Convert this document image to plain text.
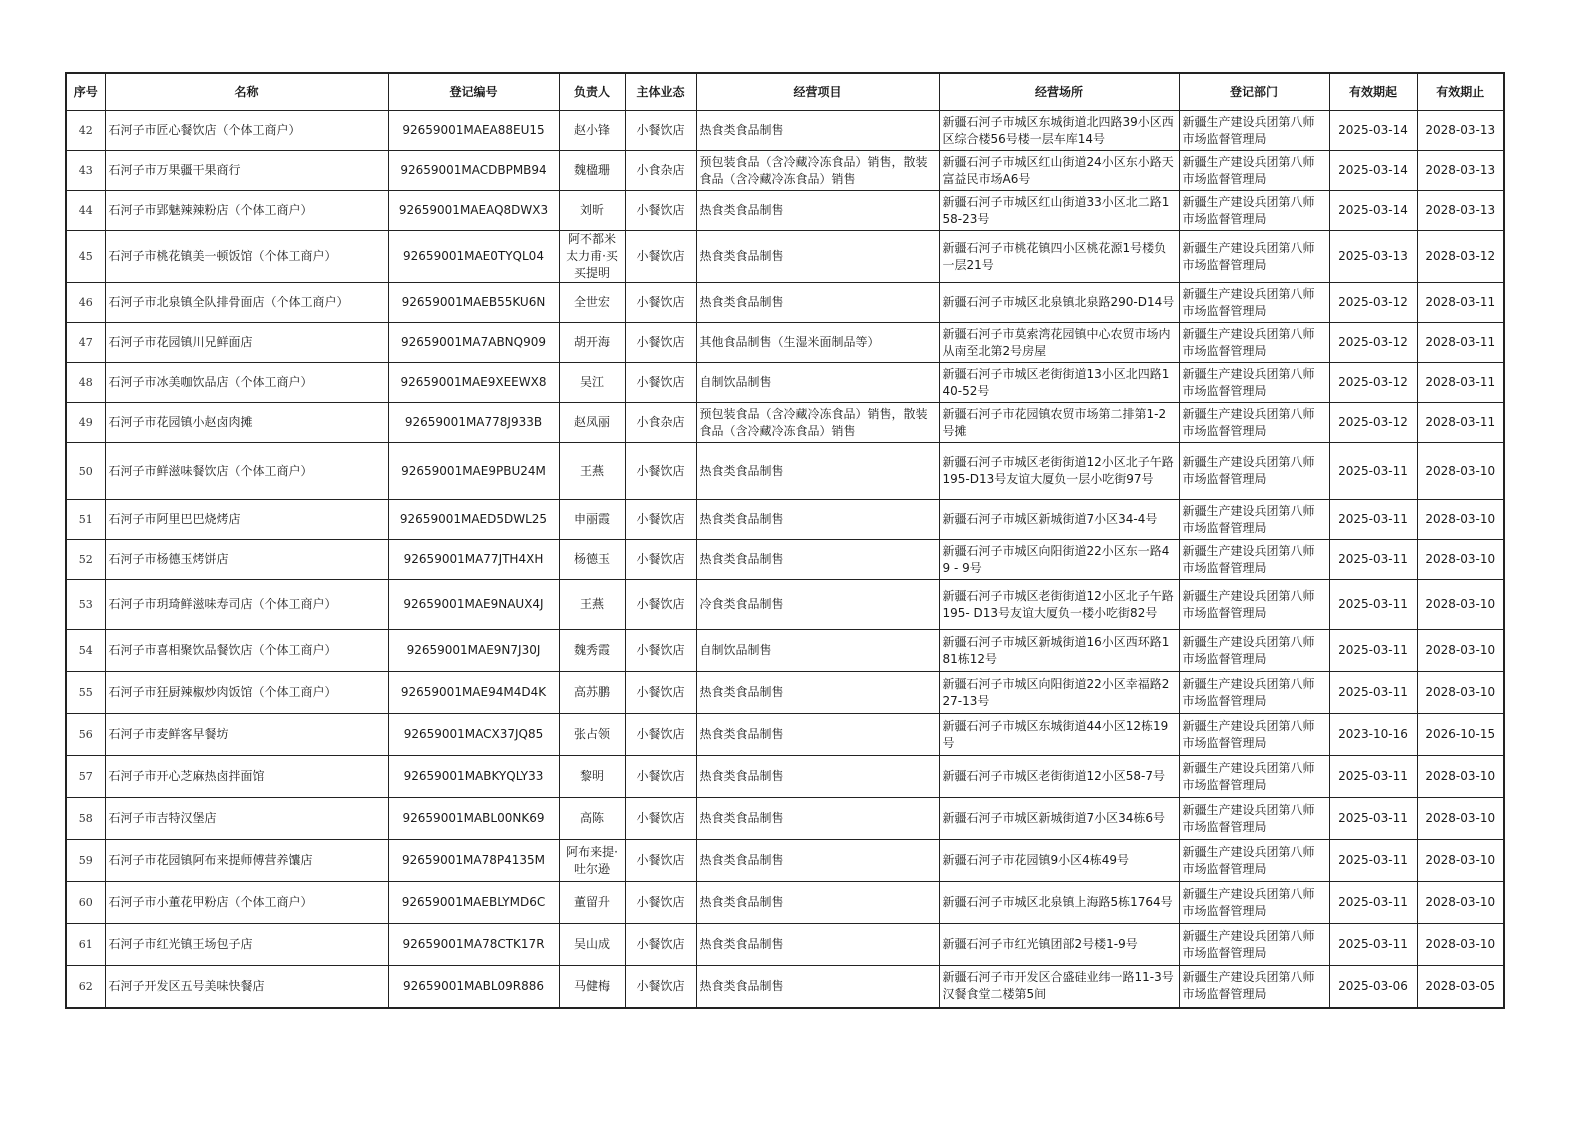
序号	名称	登记编号	负责人	主体业态	经营项目	经营场所	登记部门	有效期起	有效期止
42	石河子市匠心餐饮店（个体工商户）	92659001MAEA88EU15	赵小锋	小餐饮店	热食类食品制售	新疆石河子市城区东城街道北四路39小区西区综合楼56号楼一层车库14号	新疆生产建设兵团第八师市场监督管理局	2025-03-14	2028-03-13
43	石河子市万果疆干果商行	92659001MACDBPMB94	魏楹珊	小食杂店	预包装食品（含冷藏冷冻食品）销售，散装食品（含冷藏冷冻食品）销售	新疆石河子市城区红山街道24小区东小路天富益民市场A6号	新疆生产建设兵团第八师市场监督管理局	2025-03-14	2028-03-13
44	石河子市郢魅辣辣粉店（个体工商户）	92659001MAEAQ8DWX3	刘昕	小餐饮店	热食类食品制售	新疆石河子市城区红山街道33小区北二路158-23号	新疆生产建设兵团第八师市场监督管理局	2025-03-14	2028-03-13
45	石河子市桃花镇美一顿饭馆（个体工商户）	92659001MAE0TYQL04	阿不都米太力甫·买买提明	小餐饮店	热食类食品制售	新疆石河子市桃花镇四小区桃花源1号楼负一层21号	新疆生产建设兵团第八师市场监督管理局	2025-03-13	2028-03-12
46	石河子市北泉镇全队排骨面店（个体工商户）	92659001MAEB55KU6N	全世宏	小餐饮店	热食类食品制售	新疆石河子市城区北泉镇北泉路290-D14号	新疆生产建设兵团第八师市场监督管理局	2025-03-12	2028-03-11
47	石河子市花园镇川兄鲜面店	92659001MA7ABNQ909	胡开海	小餐饮店	其他食品制售（生湿米面制品等）	新疆石河子市莫索湾花园镇中心农贸市场内从南至北第2号房屋	新疆生产建设兵团第八师市场监督管理局	2025-03-12	2028-03-11
48	石河子市冰美咖饮品店（个体工商户）	92659001MAE9XEEWX8	吴江	小餐饮店	自制饮品制售	新疆石河子市城区老街街道13小区北四路140-52号	新疆生产建设兵团第八师市场监督管理局	2025-03-12	2028-03-11
49	石河子市花园镇小赵卤肉摊	92659001MA778J933B	赵凤丽	小食杂店	预包装食品（含冷藏冷冻食品）销售，散装食品（含冷藏冷冻食品）销售	新疆石河子市花园镇农贸市场第二排第1-2号摊	新疆生产建设兵团第八师市场监督管理局	2025-03-12	2028-03-11
50	石河子市鲜滋味餐饮店（个体工商户）	92659001MAE9PBU24M	王燕	小餐饮店	热食类食品制售	新疆石河子市城区老街街道12小区北子午路195-D13号友谊大厦负一层小吃街97号	新疆生产建设兵团第八师市场监督管理局	2025-03-11	2028-03-10
51	石河子市阿里巴巴烧烤店	92659001MAED5DWL25	申丽霞	小餐饮店	热食类食品制售	新疆石河子市城区新城街道7小区34-4号	新疆生产建设兵团第八师市场监督管理局	2025-03-11	2028-03-10
52	石河子市杨德玉烤饼店	92659001MA77JTH4XH	杨德玉	小餐饮店	热食类食品制售	新疆石河子市城区向阳街道22小区东一路49 - 9号	新疆生产建设兵团第八师市场监督管理局	2025-03-11	2028-03-10
53	石河子市玥琦鲜滋味寿司店（个体工商户）	92659001MAE9NAUX4J	王燕	小餐饮店	冷食类食品制售	新疆石河子市城区老街街道12小区北子午路195- D13号友谊大厦负一楼小吃街82号	新疆生产建设兵团第八师市场监督管理局	2025-03-11	2028-03-10
54	石河子市喜相聚饮品餐饮店（个体工商户）	92659001MAE9N7J30J	魏秀霞	小餐饮店	自制饮品制售	新疆石河子市城区新城街道16小区西环路181栋12号	新疆生产建设兵团第八师市场监督管理局	2025-03-11	2028-03-10
55	石河子市狂厨辣椒炒肉饭馆（个体工商户）	92659001MAE94M4D4K	高苏鹏	小餐饮店	热食类食品制售	新疆石河子市城区向阳街道22小区幸福路227-13号	新疆生产建设兵团第八师市场监督管理局	2025-03-11	2028-03-10
56	石河子市麦鲜客早餐坊	92659001MACX37JQ85	张占领	小餐饮店	热食类食品制售	新疆石河子市城区东城街道44小区12栋19号	新疆生产建设兵团第八师市场监督管理局	2023-10-16	2026-10-15
57	石河子市开心芝麻热卤拌面馆	92659001MABKYQLY33	黎明	小餐饮店	热食类食品制售	新疆石河子市城区老街街道12小区58-7号	新疆生产建设兵团第八师市场监督管理局	2025-03-11	2028-03-10
58	石河子市吉特汉堡店	92659001MABL00NK69	高陈	小餐饮店	热食类食品制售	新疆石河子市城区新城街道7小区34栋6号	新疆生产建设兵团第八师市场监督管理局	2025-03-11	2028-03-10
59	石河子市花园镇阿布来提师傅营养馕店	92659001MA78P4135M	阿布来提·吐尔逊	小餐饮店	热食类食品制售	新疆石河子市花园镇9小区4栋49号	新疆生产建设兵团第八师市场监督管理局	2025-03-11	2028-03-10
60	石河子市小董花甲粉店（个体工商户）	92659001MAEBLYMD6C	董留升	小餐饮店	热食类食品制售	新疆石河子市城区北泉镇上海路5栋1764号	新疆生产建设兵团第八师市场监督管理局	2025-03-11	2028-03-10
61	石河子市红光镇王场包子店	92659001MA78CTK17R	吴山成	小餐饮店	热食类食品制售	新疆石河子市红光镇团部2号楼1-9号	新疆生产建设兵团第八师市场监督管理局	2025-03-11	2028-03-10
62	石河子开发区五号美味快餐店	92659001MABL09R886	马健梅	小餐饮店	热食类食品制售	新疆石河子市开发区合盛硅业纬一路11-3号汉餐食堂二楼第5间	新疆生产建设兵团第八师市场监督管理局	2025-03-06	2028-03-05
